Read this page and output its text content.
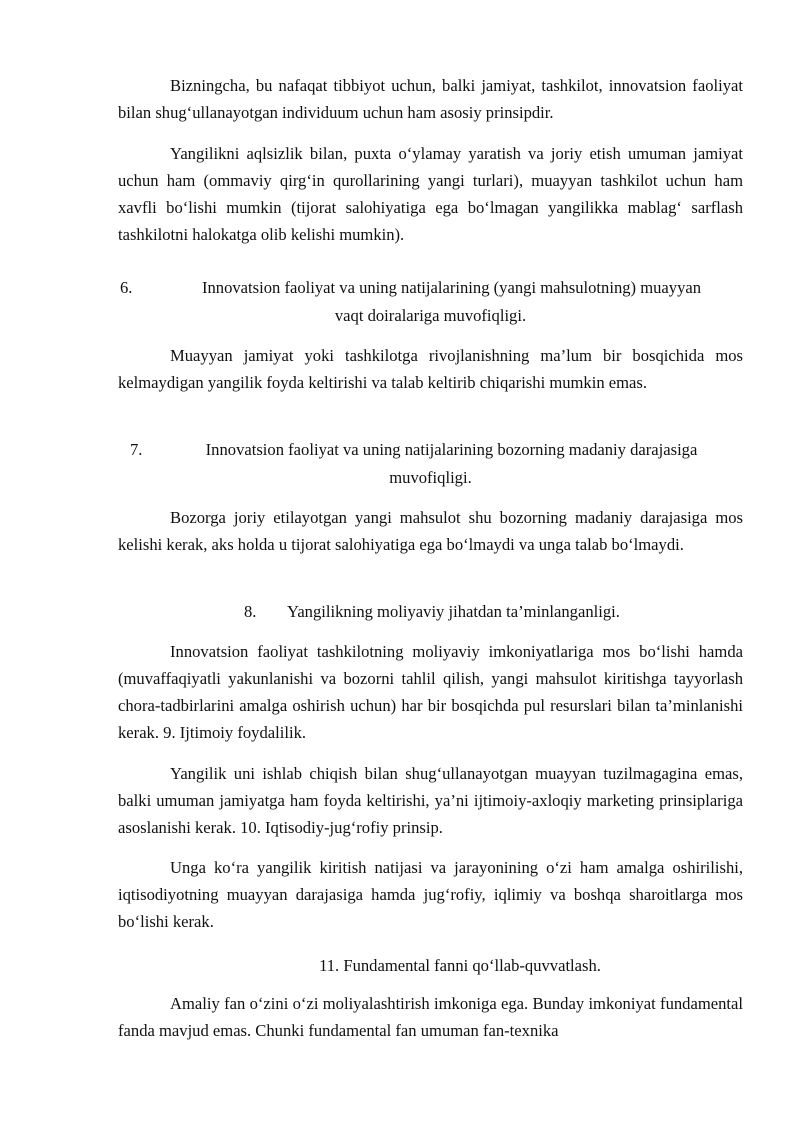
Bizningcha, bu nafaqat tibbiyot uchun, balki jamiyat, tashkilot, innovatsion faoliyat bilan shug‘ullanayotgan individuum uchun ham asosiy prinsipdir.

Yangilikni aqlsizlik bilan, puxta o‘ylamay yaratish va joriy etish umuman jamiyat uchun ham (ommaviy qirg‘in qurollarining yangi turlari), muayyan tashkilot uchun ham xavfli bo‘lishi mumkin (tijorat salohiyatiga ega bo‘lmagan yangilikka mablag‘ sarflash tashkilotni halokatga olib kelishi mumkin).

6.	Innovatsion faoliyat va uning natijalarining (yangi mahsulotning) muayyan
vaqt doiralariga muvofiqligi.

Muayyan jamiyat yoki tashkilotga rivojlanishning ma’lum bir bosqichida mos kelmaydigan yangilik foyda keltirishi va talab keltirib chiqarishi mumkin emas.

7.	Innovatsion faoliyat va uning natijalarining bozorning madaniy darajasiga
muvofiqligi.

Bozorga joriy etilayotgan yangi mahsulot shu bozorning madaniy darajasiga mos kelishi kerak, aks holda u tijorat salohiyatiga ega bo‘lmaydi va unga talab bo‘lmaydi.

8. Yangilikning moliyaviy jihatdan ta’minlanganligi.

Innovatsion faoliyat tashkilotning moliyaviy imkoniyatlariga mos bo‘lishi hamda (muvaffaqiyatli yakunlanishi va bozorni tahlil qilish, yangi mahsulot kiritishga tayyorlash chora-tadbirlarini amalga oshirish uchun) har bir bosqichda pul resurslari bilan ta’minlanishi kerak. 9. Ijtimoiy foydalilik.

Yangilik uni ishlab chiqish bilan shug‘ullanayotgan muayyan tuzilmagagina emas, balki umuman jamiyatga ham foyda keltirishi, ya’ni ijtimoiy-axloqiy marketing prinsiplariga asoslanishi kerak. 10. Iqtisodiy-jug‘rofiy prinsip.

Unga ko‘ra yangilik kiritish natijasi va jarayonining o‘zi ham amalga oshirilishi, iqtisodiyotning muayyan darajasiga hamda jug‘rofiy, iqlimiy va boshqa sharoitlarga mos bo‘lishi kerak.

11. Fundamental fanni qo‘llab-quvvatlash.

Amaliy fan o‘zini o‘zi moliyalashtirish imkoniga ega. Bunday imkoniyat fundamental fanda mavjud emas. Chunki fundamental fan umuman fan-texnika
